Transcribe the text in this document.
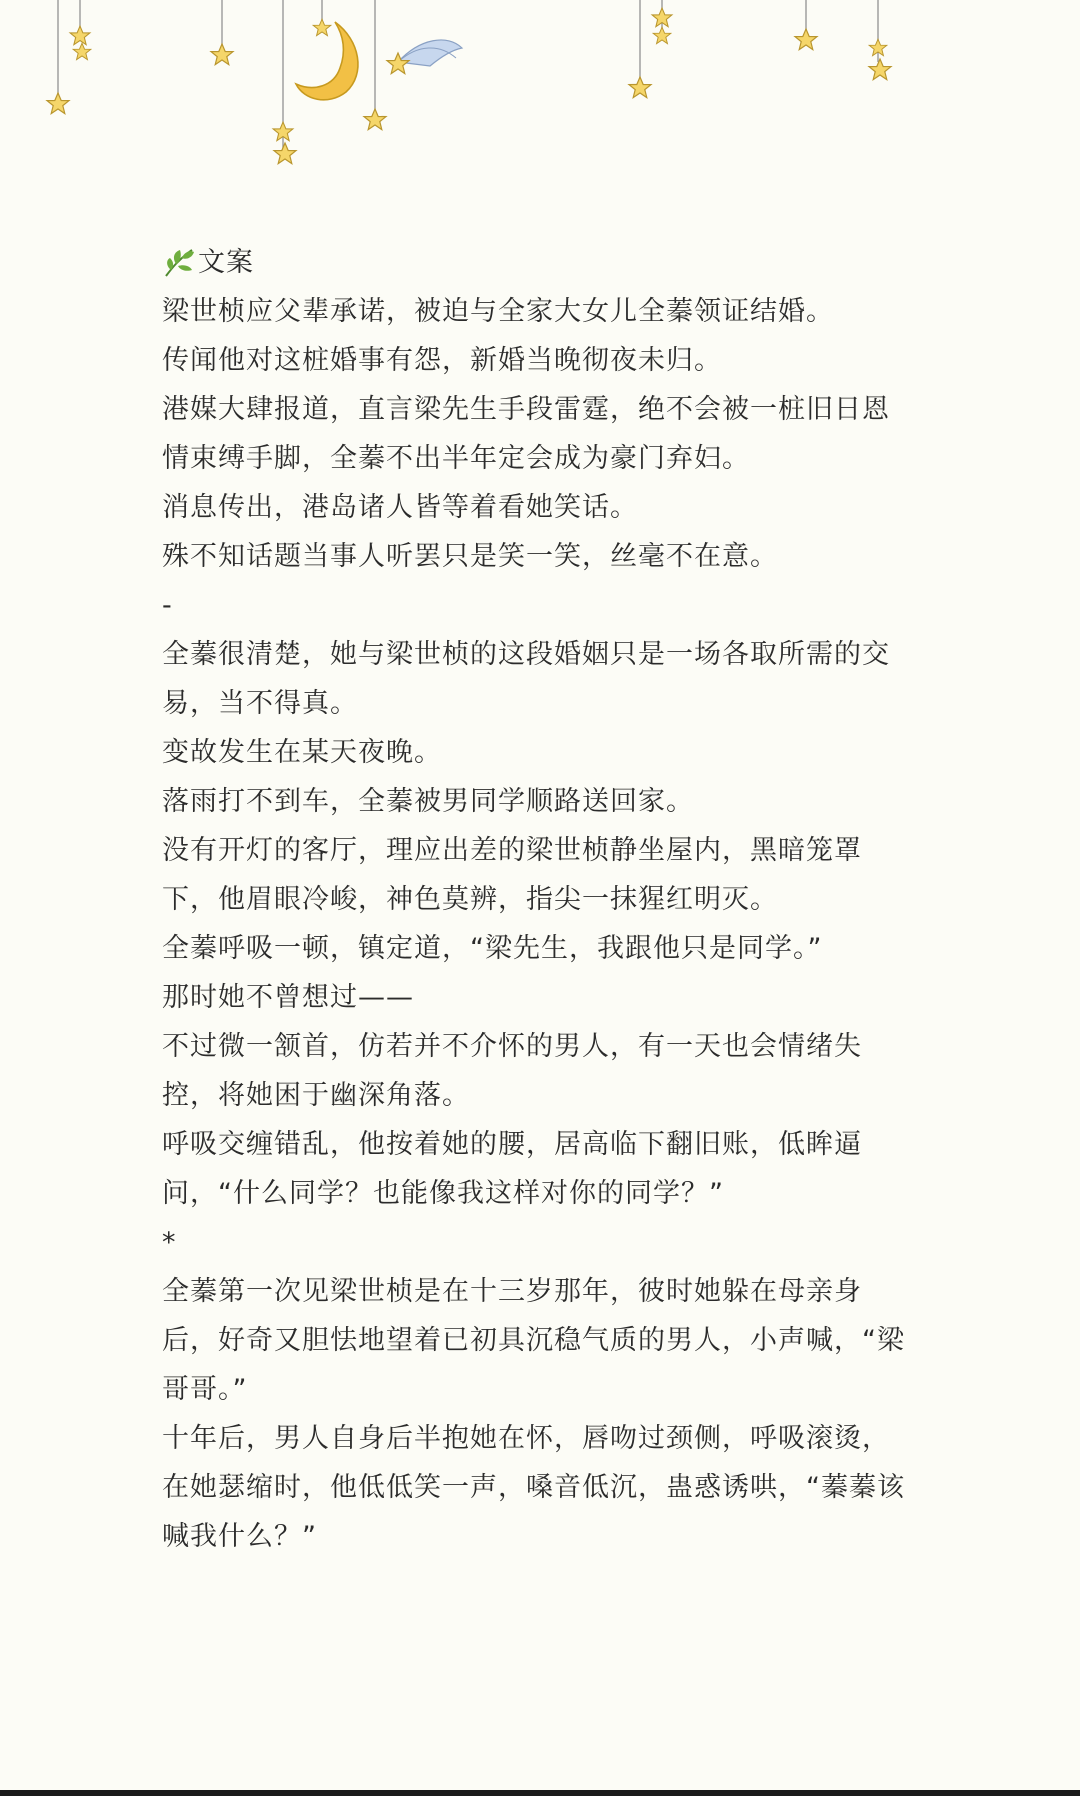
文案
梁世桢应父辈承诺，被迫与全家大女儿全蓁领证结婚。
传闻他对这桩婚事有怨，新婚当晚彻夜未归。
港媒大肆报道，直言梁先生手段雷霆，绝不会被一桩旧日恩
情束缚手脚，全蓁不出半年定会成为豪门弃妇。
消息传出，港岛诸人皆等着看她笑话。
殊不知话题当事人听罢只是笑一笑，丝毫不在意。
-
全蓁很清楚，她与梁世桢的这段婚姻只是一场各取所需的交
易，当不得真。
变故发生在某天夜晚。
落雨打不到车，全蓁被男同学顺路送回家。
没有开灯的客厅，理应出差的梁世桢静坐屋内，黑暗笼罩
下，他眉眼冷峻，神色莫辨，指尖一抹猩红明灭。
全蓁呼吸一顿，镇定道，“梁先生，我跟他只是同学。”
那时她不曾想过——
不过微一颔首，仿若并不介怀的男人，有一天也会情绪失
控，将她困于幽深角落。
呼吸交缠错乱，他按着她的腰，居高临下翻旧账，低眸逼
问，“什么同学？也能像我这样对你的同学？”
*
全蓁第一次见梁世桢是在十三岁那年，彼时她躲在母亲身
后，好奇又胆怯地望着已初具沉稳气质的男人，小声喊，“梁
哥哥。”
十年后，男人自身后半抱她在怀，唇吻过颈侧，呼吸滚烫，
在她瑟缩时，他低低笑一声，嗓音低沉，蛊惑诱哄，“蓁蓁该
喊我什么？”
